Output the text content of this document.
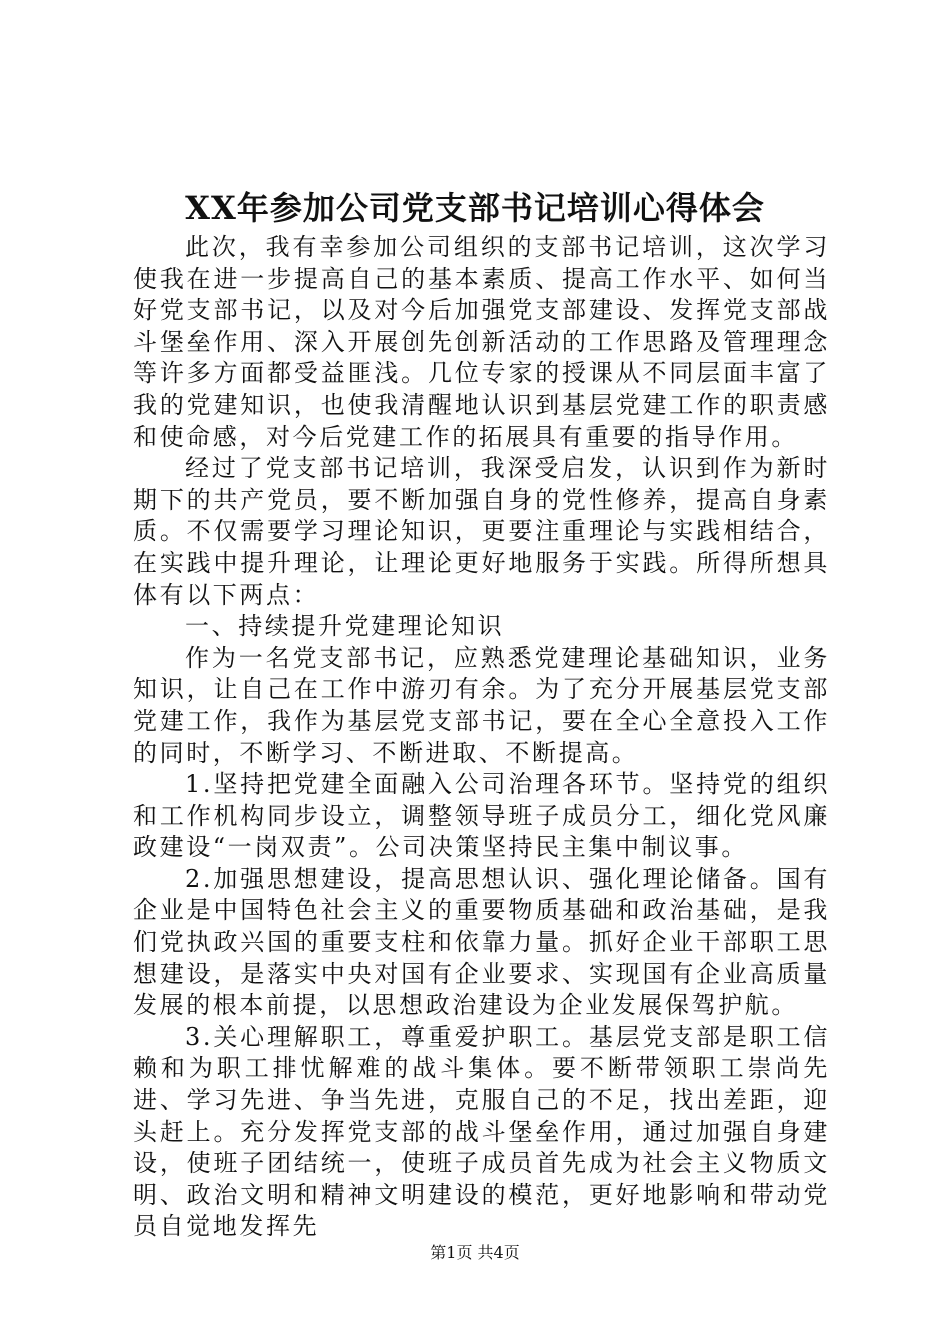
XX年参加公司党支部书记培训心得体会

此次，我有幸参加公司组织的支部书记培训，这次学习使我在进一步提高自己的基本素质、提高工作水平、如何当好党支部书记，以及对今后加强党支部建设、发挥党支部战斗堡垒作用、深入开展创先创新活动的工作思路及管理理念等许多方面都受益匪浅。几位专家的授课从不同层面丰富了我的党建知识，也使我清醒地认识到基层党建工作的职责感和使命感，对今后党建工作的拓展具有重要的指导作用。

经过了党支部书记培训，我深受启发，认识到作为新时期下的共产党员，要不断加强自身的党性修养，提高自身素质。不仅需要学习理论知识，更要注重理论与实践相结合，在实践中提升理论，让理论更好地服务于实践。所得所想具体有以下两点：

一、持续提升党建理论知识

作为一名党支部书记，应熟悉党建理论基础知识，业务知识，让自己在工作中游刃有余。为了充分开展基层党支部党建工作，我作为基层党支部书记，要在全心全意投入工作的同时，不断学习、不断进取、不断提高。

1.坚持把党建全面融入公司治理各环节。坚持党的组织和工作机构同步设立，调整领导班子成员分工，细化党风廉政建设“一岗双责”。公司决策坚持民主集中制议事。

2.加强思想建设，提高思想认识、强化理论储备。国有企业是中国特色社会主义的重要物质基础和政治基础，是我们党执政兴国的重要支柱和依靠力量。抓好企业干部职工思想建设，是落实中央对国有企业要求、实现国有企业高质量发展的根本前提，以思想政治建设为企业发展保驾护航。

3.关心理解职工，尊重爱护职工。基层党支部是职工信赖和为职工排忧解难的战斗集体。要不断带领职工崇尚先进、学习先进、争当先进，克服自己的不足，找出差距，迎头赶上。充分发挥党支部的战斗堡垒作用，通过加强自身建设，使班子团结统一，使班子成员首先成为社会主义物质文明、政治文明和精神文明建设的模范，更好地影响和带动党员自觉地发挥先

第1页 共4页
